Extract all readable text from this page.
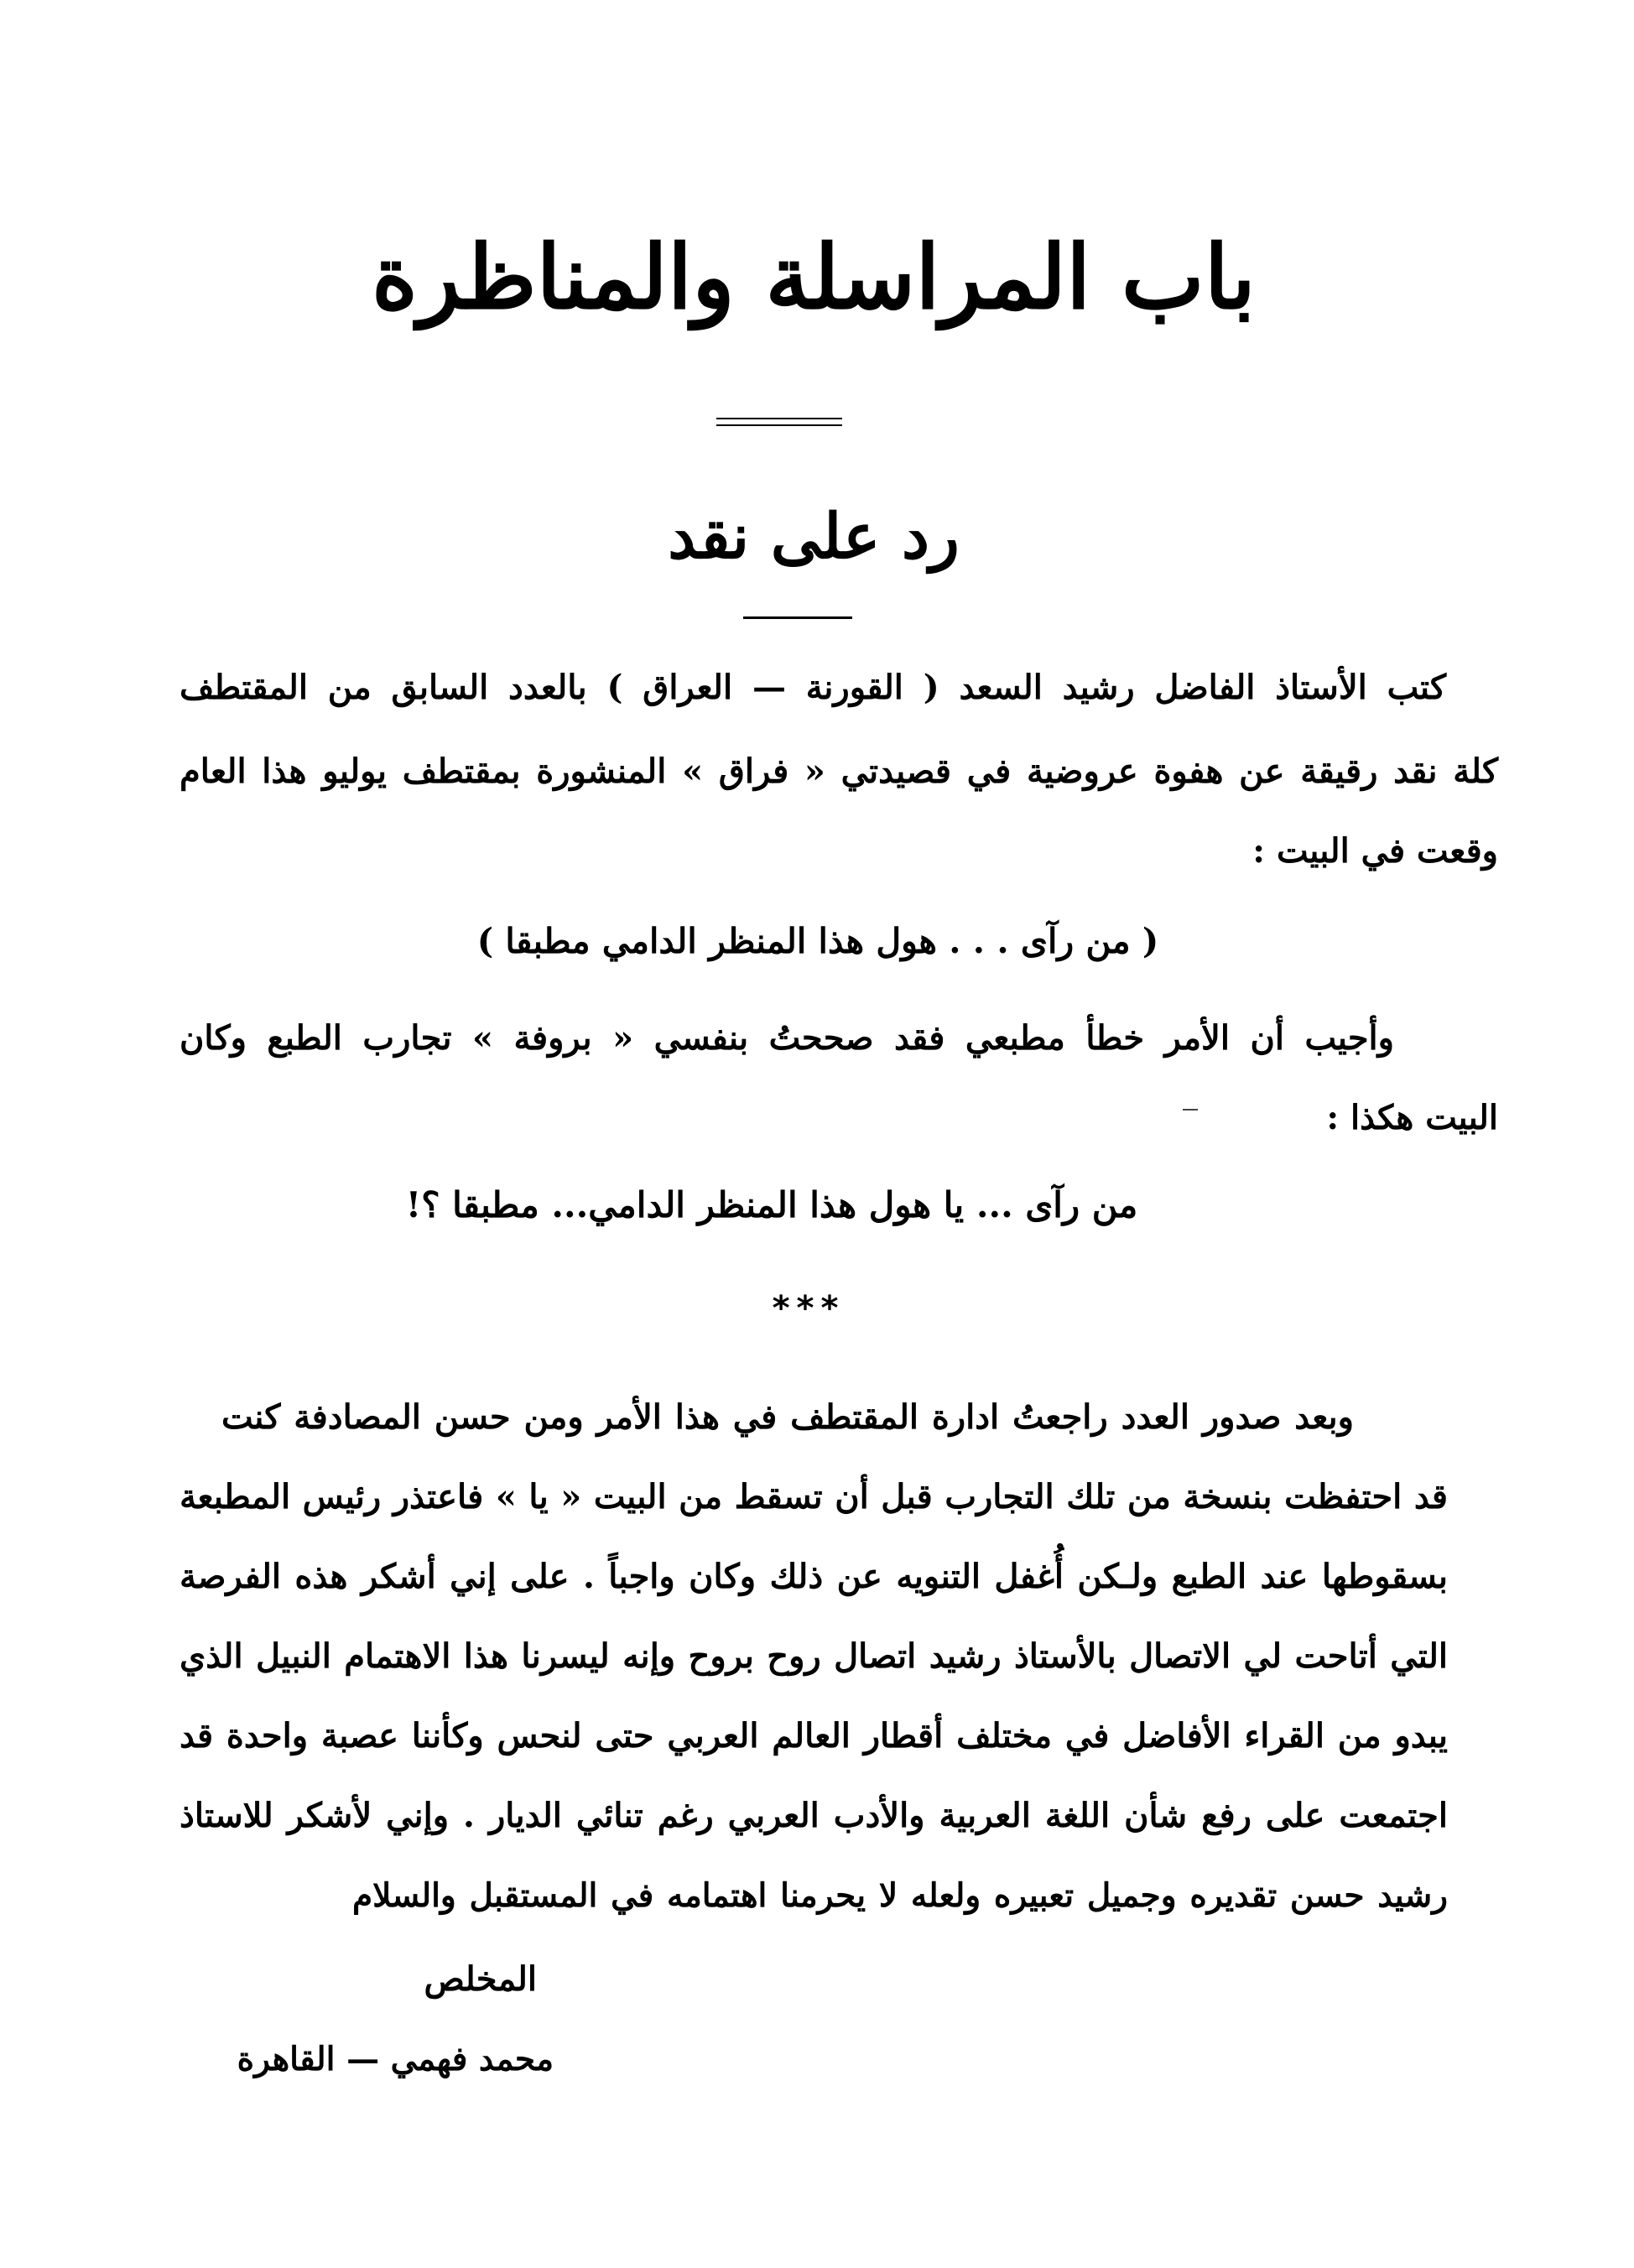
باب المراسلة والمناظرة
رد على نقد
كتب الأستاذ الفاضل رشيد السعد ( القورنة — العراق ) بالعدد السابق من المقتطف
كلة نقد رقيقة عن هفوة عروضية في قصيدتي « فراق » المنشورة بمقتطف يوليو هذا العام
وقعت في البيت :
( من رآى . . . هول هذا المنظر الدامي مطبقا )
وأجيب أن الأمر خطأ مطبعي فقد صححتُ بنفسي « بروفة » تجارب الطبع وكان
البيت هكذا :
من رآى ... يا هول هذا المنظر الدامي... مطبقا ؟!
***
وبعد صدور العدد راجعتُ ادارة المقتطف في هذا الأمر ومن حسن المصادفة كنت
قد احتفظت بنسخة من تلك التجارب قبل أن تسقط من البيت « يا » فاعتذر رئيس المطبعة
بسقوطها عند الطبع ولـكن أُغفل التنويه عن ذلك وكان واجباً . على إني أشكر هذه الفرصة
التي أتاحت لي الاتصال بالأستاذ رشيد اتصال روح بروح وإنه ليسرنا هذا الاهتمام النبيل الذي
يبدو من القراء الأفاضل في مختلف أقطار العالم العربي حتى لنحس وكأننا عصبة واحدة قد
اجتمعت على رفع شأن اللغة العربية والأدب العربي رغم تنائي الديار . وإني لأشكر للاستاذ
رشيد حسن تقديره وجميل تعبيره ولعله لا يحرمنا اهتمامه في المستقبل والسلام
المخلص
محمد فهمي — القاهرة
